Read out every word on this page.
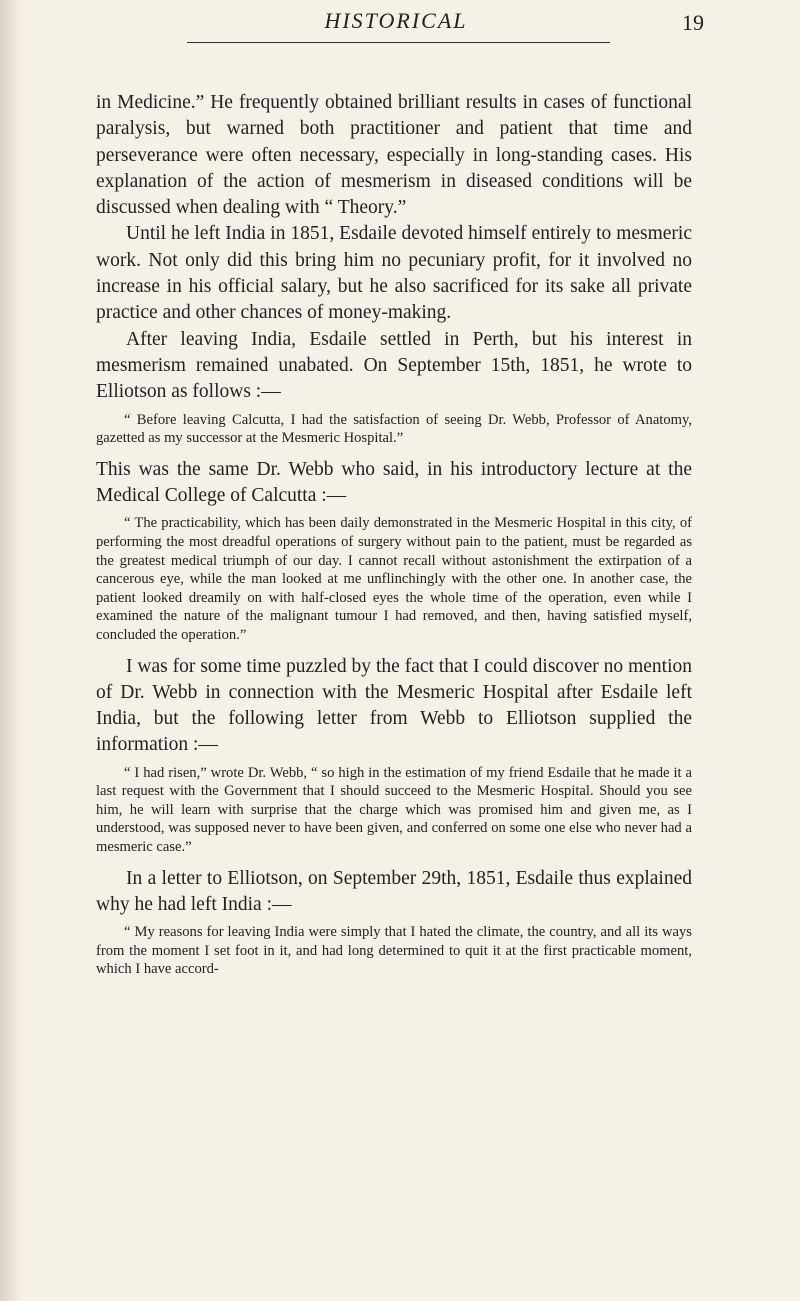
HISTORICAL	19

in Medicine.” He frequently obtained brilliant results in cases of functional paralysis, but warned both practitioner and patient that time and perseverance were often necessary, especially in long-standing cases. His explanation of the action of mesmerism in diseased conditions will be discussed when dealing with “ Theory.”

Until he left India in 1851, Esdaile devoted himself entirely to mesmeric work. Not only did this bring him no pecuniary profit, for it involved no increase in his official salary, but he also sacrificed for its sake all private practice and other chances of money-making.

After leaving India, Esdaile settled in Perth, but his interest in mesmerism remained unabated. On September 15th, 1851, he wrote to Elliotson as follows :—

“ Before leaving Calcutta, I had the satisfaction of seeing Dr. Webb, Professor of Anatomy, gazetted as my successor at the Mesmeric Hospital.”

This was the same Dr. Webb who said, in his introductory lecture at the Medical College of Calcutta :—

“ The practicability, which has been daily demonstrated in the Mesmeric Hospital in this city, of performing the most dreadful operations of surgery without pain to the patient, must be regarded as the greatest medical triumph of our day. I cannot recall without astonishment the extirpation of a cancerous eye, while the man looked at me unflinchingly with the other one. In another case, the patient looked dreamily on with half-closed eyes the whole time of the operation, even while I examined the nature of the malignant tumour I had removed, and then, having satisfied myself, concluded the operation.”

I was for some time puzzled by the fact that I could discover no mention of Dr. Webb in connection with the Mesmeric Hospital after Esdaile left India, but the following letter from Webb to Elliotson supplied the information :—

“ I had risen,” wrote Dr. Webb, “ so high in the estimation of my friend Esdaile that he made it a last request with the Government that I should succeed to the Mesmeric Hospital. Should you see him, he will learn with surprise that the charge which was promised him and given me, as I understood, was supposed never to have been given, and conferred on some one else who never had a mesmeric case.”

In a letter to Elliotson, on September 29th, 1851, Esdaile thus explained why he had left India :—

“ My reasons for leaving India were simply that I hated the climate, the country, and all its ways from the moment I set foot in it, and had long determined to quit it at the first practicable moment, which I have accord-
